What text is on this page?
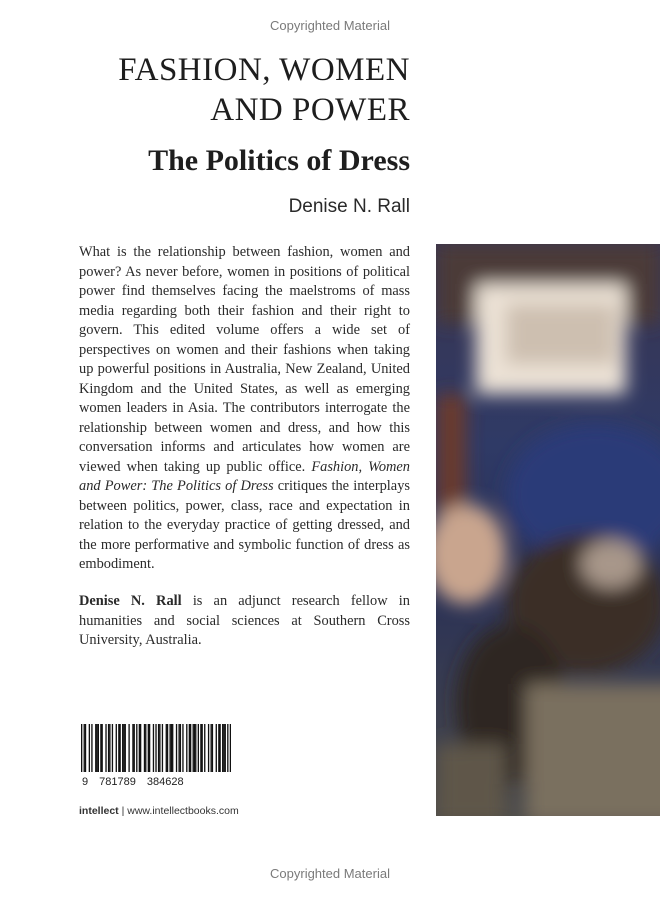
Copyrighted Material
FASHION, WOMEN
AND POWER
The Politics of Dress
Denise N. Rall

What is the relationship between fashion, women and power? As never before, women in positions of political power find themselves facing the maelstroms of mass media regarding both their fashion and their right to govern. This edited volume offers a wide set of perspectives on women and their fashions when taking up powerful positions in Australia, New Zealand, United Kingdom and the United States, as well as emerging women leaders in Asia. The contributors interrogate the relationship between women and dress, and how this conversation informs and articulates how women are viewed when taking up public office. Fashion, Women and Power: The Politics of Dress critiques the interplays between politics, power, class, race and expectation in relation to the everyday practice of getting dressed, and the more performative and symbolic function of dress as embodiment.

Denise N. Rall is an adjunct research fellow in humanities and social sciences at Southern Cross University, Australia.

9 781789 384628
intellect | www.intellectbooks.com
Copyrighted Material
